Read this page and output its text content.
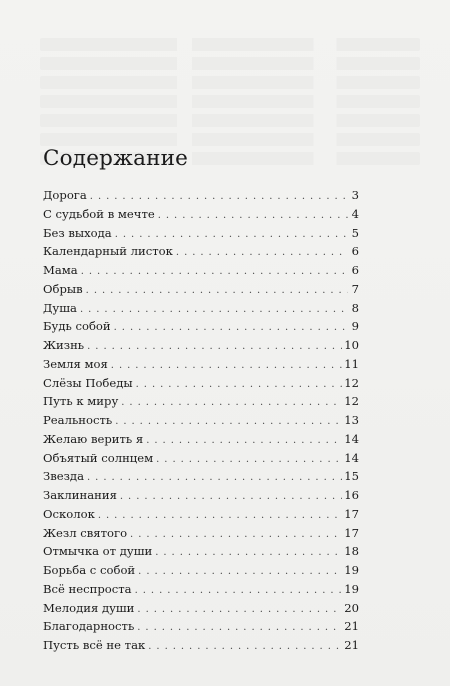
Содержание
Дорога . . .	3
С судьбой в мечте . . .	4
Без выхода . . .	5
Календарный листок . . .	6
Мама . . .	6
Обрыв . . .	7
Душа . . .	8
Будь собой . . .	9
Жизнь . . .	10
Земля моя . . .	11
Слёзы Победы . . .	12
Путь к миру . . .	12
Реальность . . .	13
Желаю верить я . . .	14
Объятый солнцем . . .	14
Звезда . . .	15
Заклинания . . .	16
Осколок . . .	17
Жезл святого . . .	17
Отмычка от души . . .	18
Борьба с собой . . .	19
Всё неспроста . . .	19
Мелодия души . . .	20
Благодарность . . .	21
Пусть всё не так . . .	21
